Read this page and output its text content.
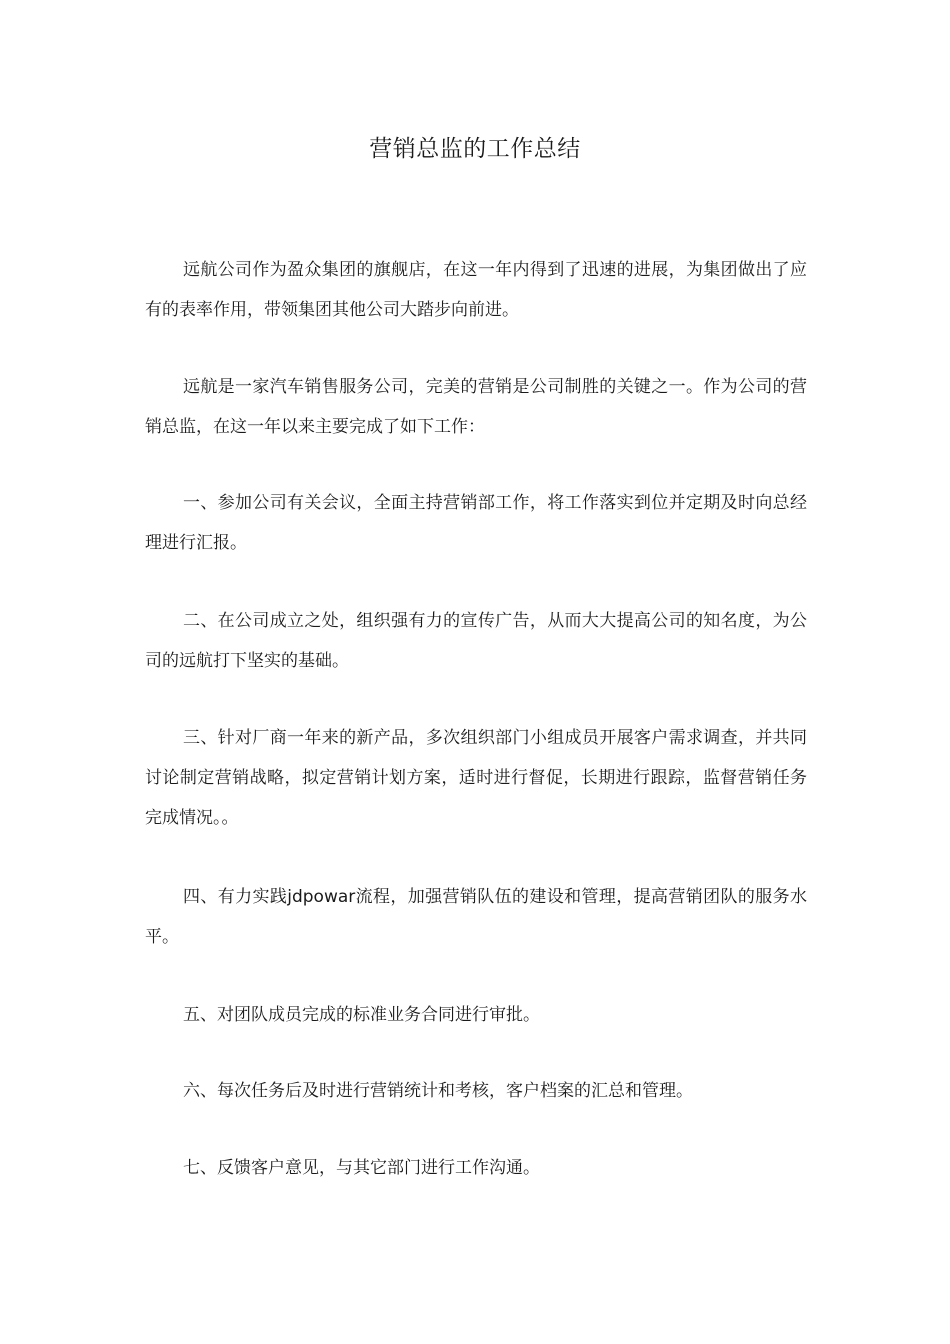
营销总监的工作总结

远航公司作为盈众集团的旗舰店，在这一年内得到了迅速的进展，为集团做出了应有的表率作用，带领集团其他公司大踏步向前进。

远航是一家汽车销售服务公司，完美的营销是公司制胜的关键之一。作为公司的营销总监，在这一年以来主要完成了如下工作：

一、参加公司有关会议，全面主持营销部工作，将工作落实到位并定期及时向总经理进行汇报。

二、在公司成立之处，组织强有力的宣传广告，从而大大提高公司的知名度，为公司的远航打下坚实的基础。

三、针对厂商一年来的新产品，多次组织部门小组成员开展客户需求调查，并共同讨论制定营销战略，拟定营销计划方案，适时进行督促，长期进行跟踪，监督营销任务完成情况。。

四、有力实践jdpowar流程，加强营销队伍的建设和管理，提高营销团队的服务水平。

五、对团队成员完成的标准业务合同进行审批。

六、每次任务后及时进行营销统计和考核，客户档案的汇总和管理。

七、反馈客户意见，与其它部门进行工作沟通。
